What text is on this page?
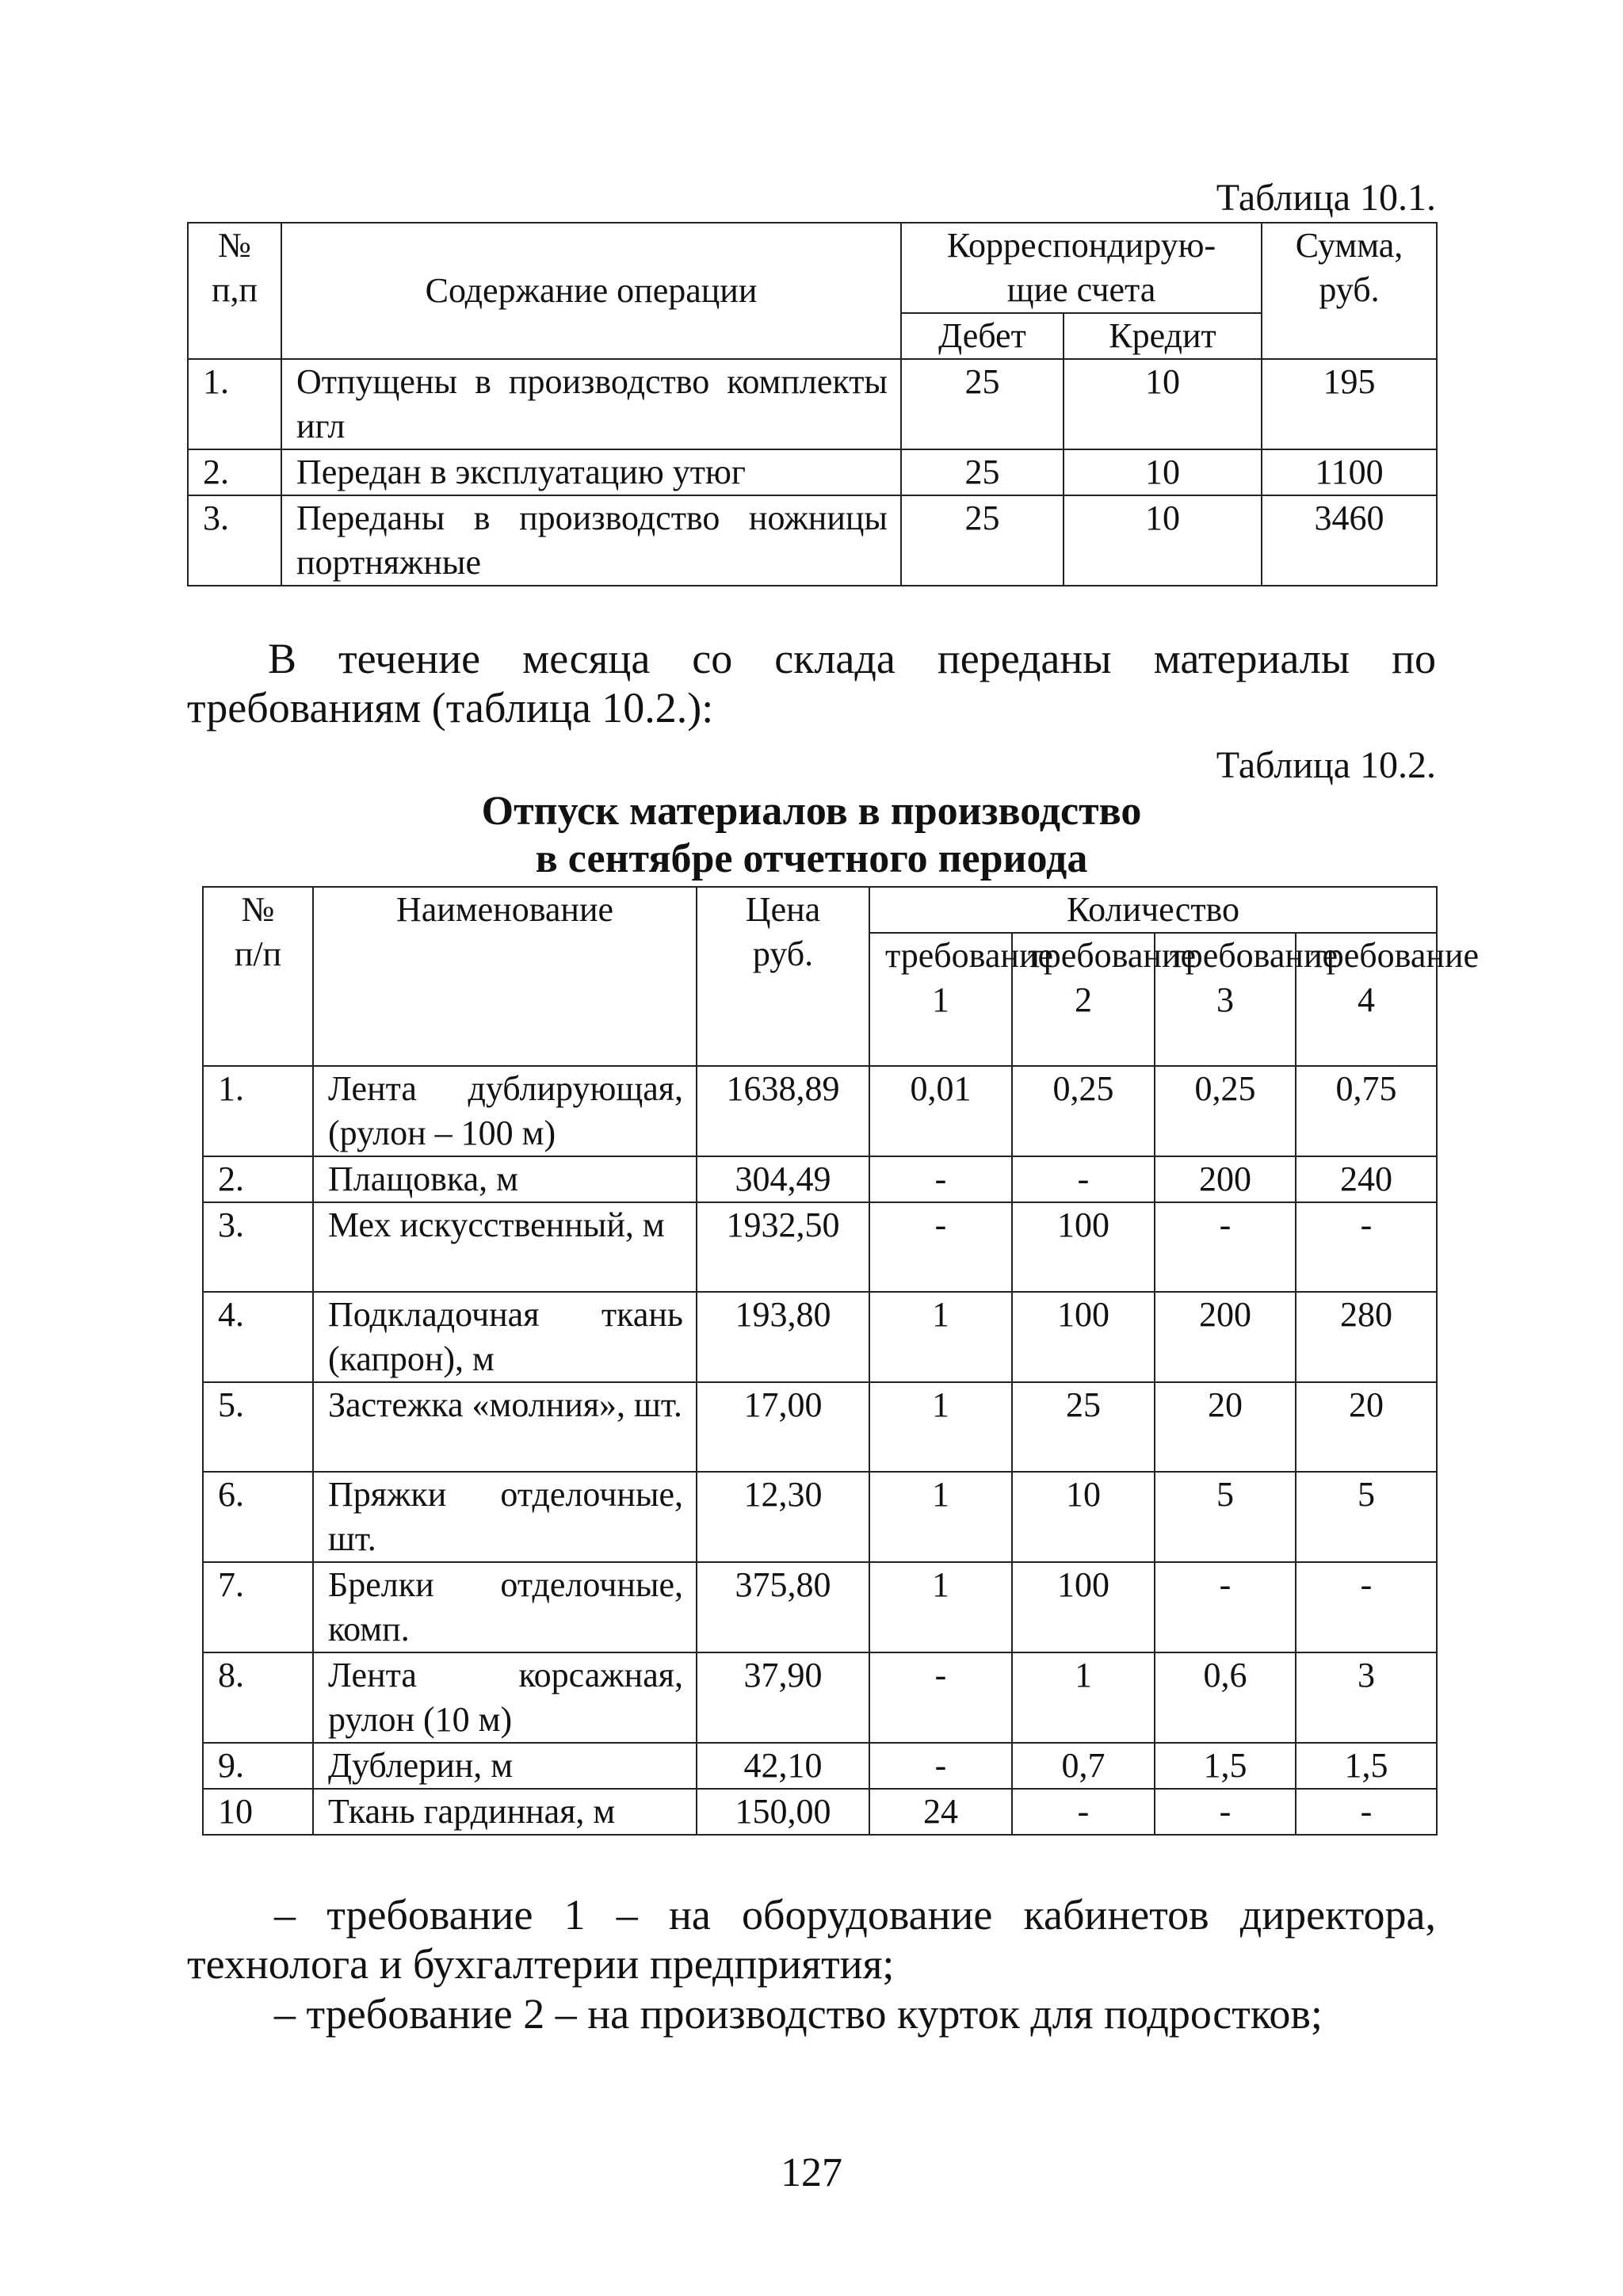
Таблица 10.1.
№ п,п	Содержание операции	Корреспондирую-щие счета		Сумма, руб.

		Дебет	Кредит	
1.	Отпущены в производство комплекты игл	25	10	195
2.	Передан в эксплуатацию утюг	25	10	1100
3.	Переданы в производство ножницы портняжные	25	10	3460
В течение месяца со склада переданы материалы по требованиям (таблица 10.2.):
Таблица 10.2.
Отпуск материалов в производство
в сентябре отчетного периода
№ п/п	Наименование	Цена руб.	Количество			

			требование 1	требование 2	требование 3	требование 4

1.	Лента дублирующая, (рулон – 100 м)	1638,89	0,01	0,25	0,25	0,75
2.	Плащовка, м	304,49	-	-	200	240
3.	Мех искусственный, м	1932,50	-	100	-	-
4.	Подкладочная ткань (капрон), м	193,80	1	100	200	280
5.	Застежка «молния», шт.	17,00	1	25	20	20
6.	Пряжки отделочные, шт.	12,30	1	10	5	5
7.	Брелки отделочные, комп.	375,80	1	100	-	-
8.	Лента корсажная, рулон (10 м)	37,90	-	1	0,6	3
9.	Дублерин, м	42,10	-	0,7	1,5	1,5
10	Ткань гардинная, м	150,00	24	-	-	-
– требование 1 – на оборудование кабинетов директора, технолога и бухгалтерии предприятия;
– требование 2 – на производство курток для подростков;
127
